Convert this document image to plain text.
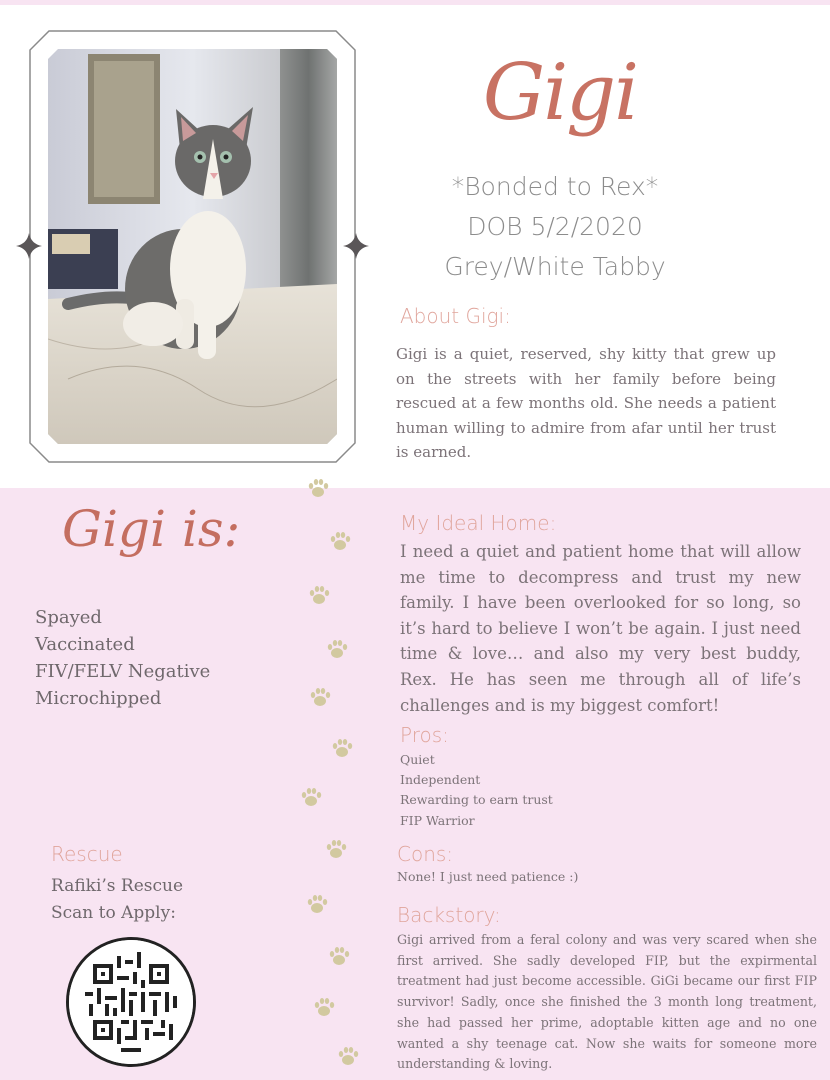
Gigi
*Bonded to Rex*
DOB 5/2/2020
Grey/White Tabby
About Gigi:
Gigi is a quiet, reserved, shy kitty that grew up on the streets with her family before being rescued at a few months old. She needs a patient human willing to admire from afar until her trust is earned.
Gigi is:
Spayed
Vaccinated
FIV/FELV Negative
Microchipped
Rescue
Rafiki’s Rescue
Scan to Apply:
My Ideal Home:
I need a quiet and patient home that will allow me time to decompress and trust my new family. I have been overlooked for so long, so it’s hard to believe I won’t be again. I just need time & love… and also my very best buddy, Rex. He has seen me through all of life’s challenges and is my biggest comfort!
Pros:
Quiet
Independent
Rewarding to earn trust
FIP Warrior
Cons:
None! I just need patience :)
Backstory:
Gigi arrived from a feral colony and was very scared when she first arrived. She sadly developed FIP, but the expirmental treatment had just become accessible. GiGi became our first FIP survivor! Sadly, once she finished the 3 month long treatment, she had passed her prime, adoptable kitten age and no one wanted a shy teenage cat. Now she waits for someone more understanding & loving.
